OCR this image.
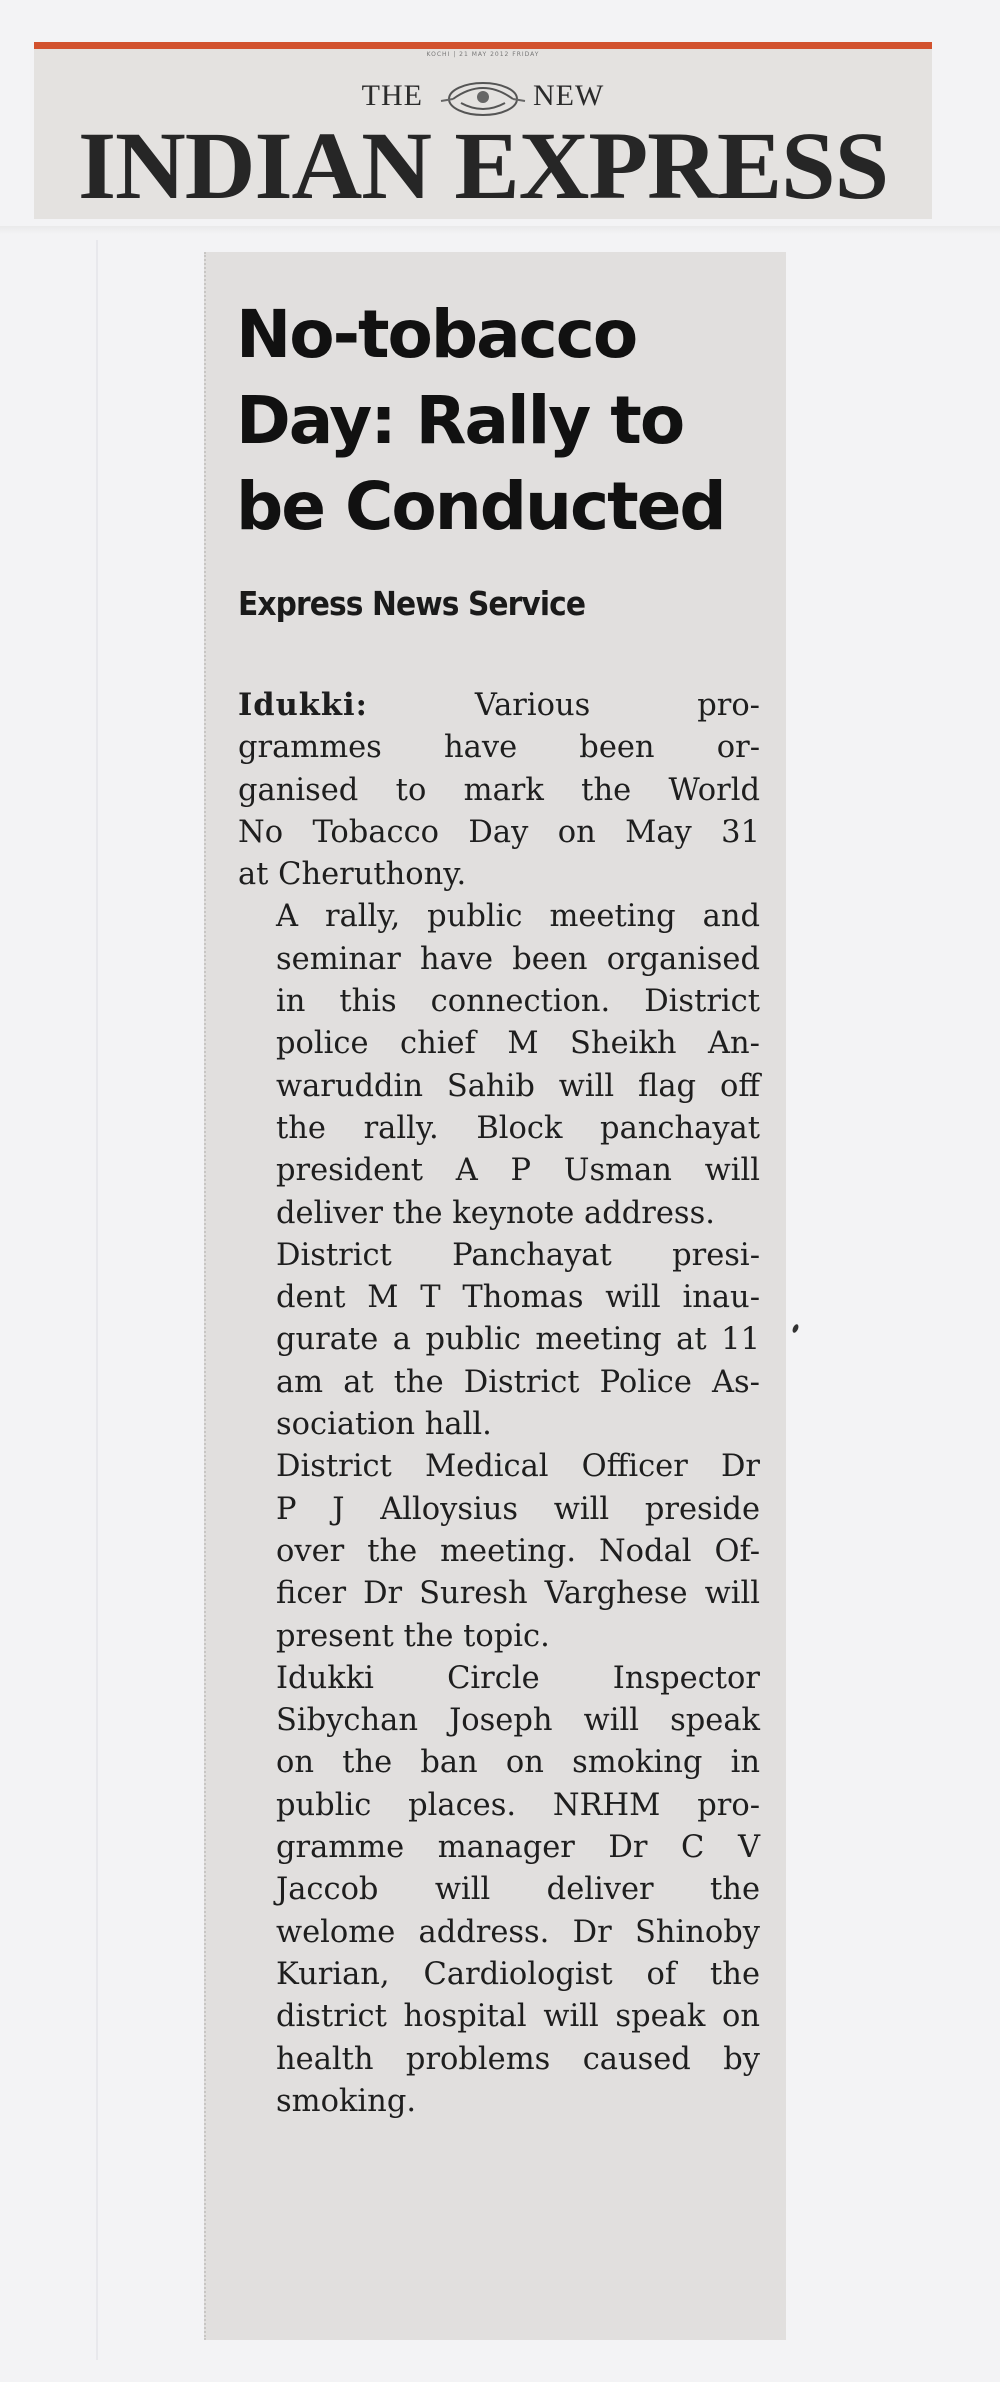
KOCHI | 21 MAY 2012 FRIDAY
THE	NEW
INDIAN EXPRESS
No-tobacco
Day: Rally to
be Conducted
Express News Service

Idukki: Various pro-
grammes have been or-
ganised to mark the World
No Tobacco Day on May 31
at Cheruthony.

A rally, public meeting and
seminar have been organised
in this connection. District
police chief M Sheikh An-
waruddin Sahib will flag off
the rally. Block panchayat
president A P Usman will
deliver the keynote address.

District Panchayat presi-
dent M T Thomas will inau-
gurate a public meeting at 11
am at the District Police As-
sociation hall.

District Medical Officer Dr
P J Alloysius will preside
over the meeting. Nodal Of-
ficer Dr Suresh Varghese will
present the topic.

Idukki Circle Inspector
Sibychan Joseph will speak
on the ban on smoking in
public places. NRHM pro-
gramme manager Dr C V
Jaccob will deliver the
welome address. Dr Shinoby
Kurian, Cardiologist of the
district hospital will speak on
health problems caused by
smoking.
